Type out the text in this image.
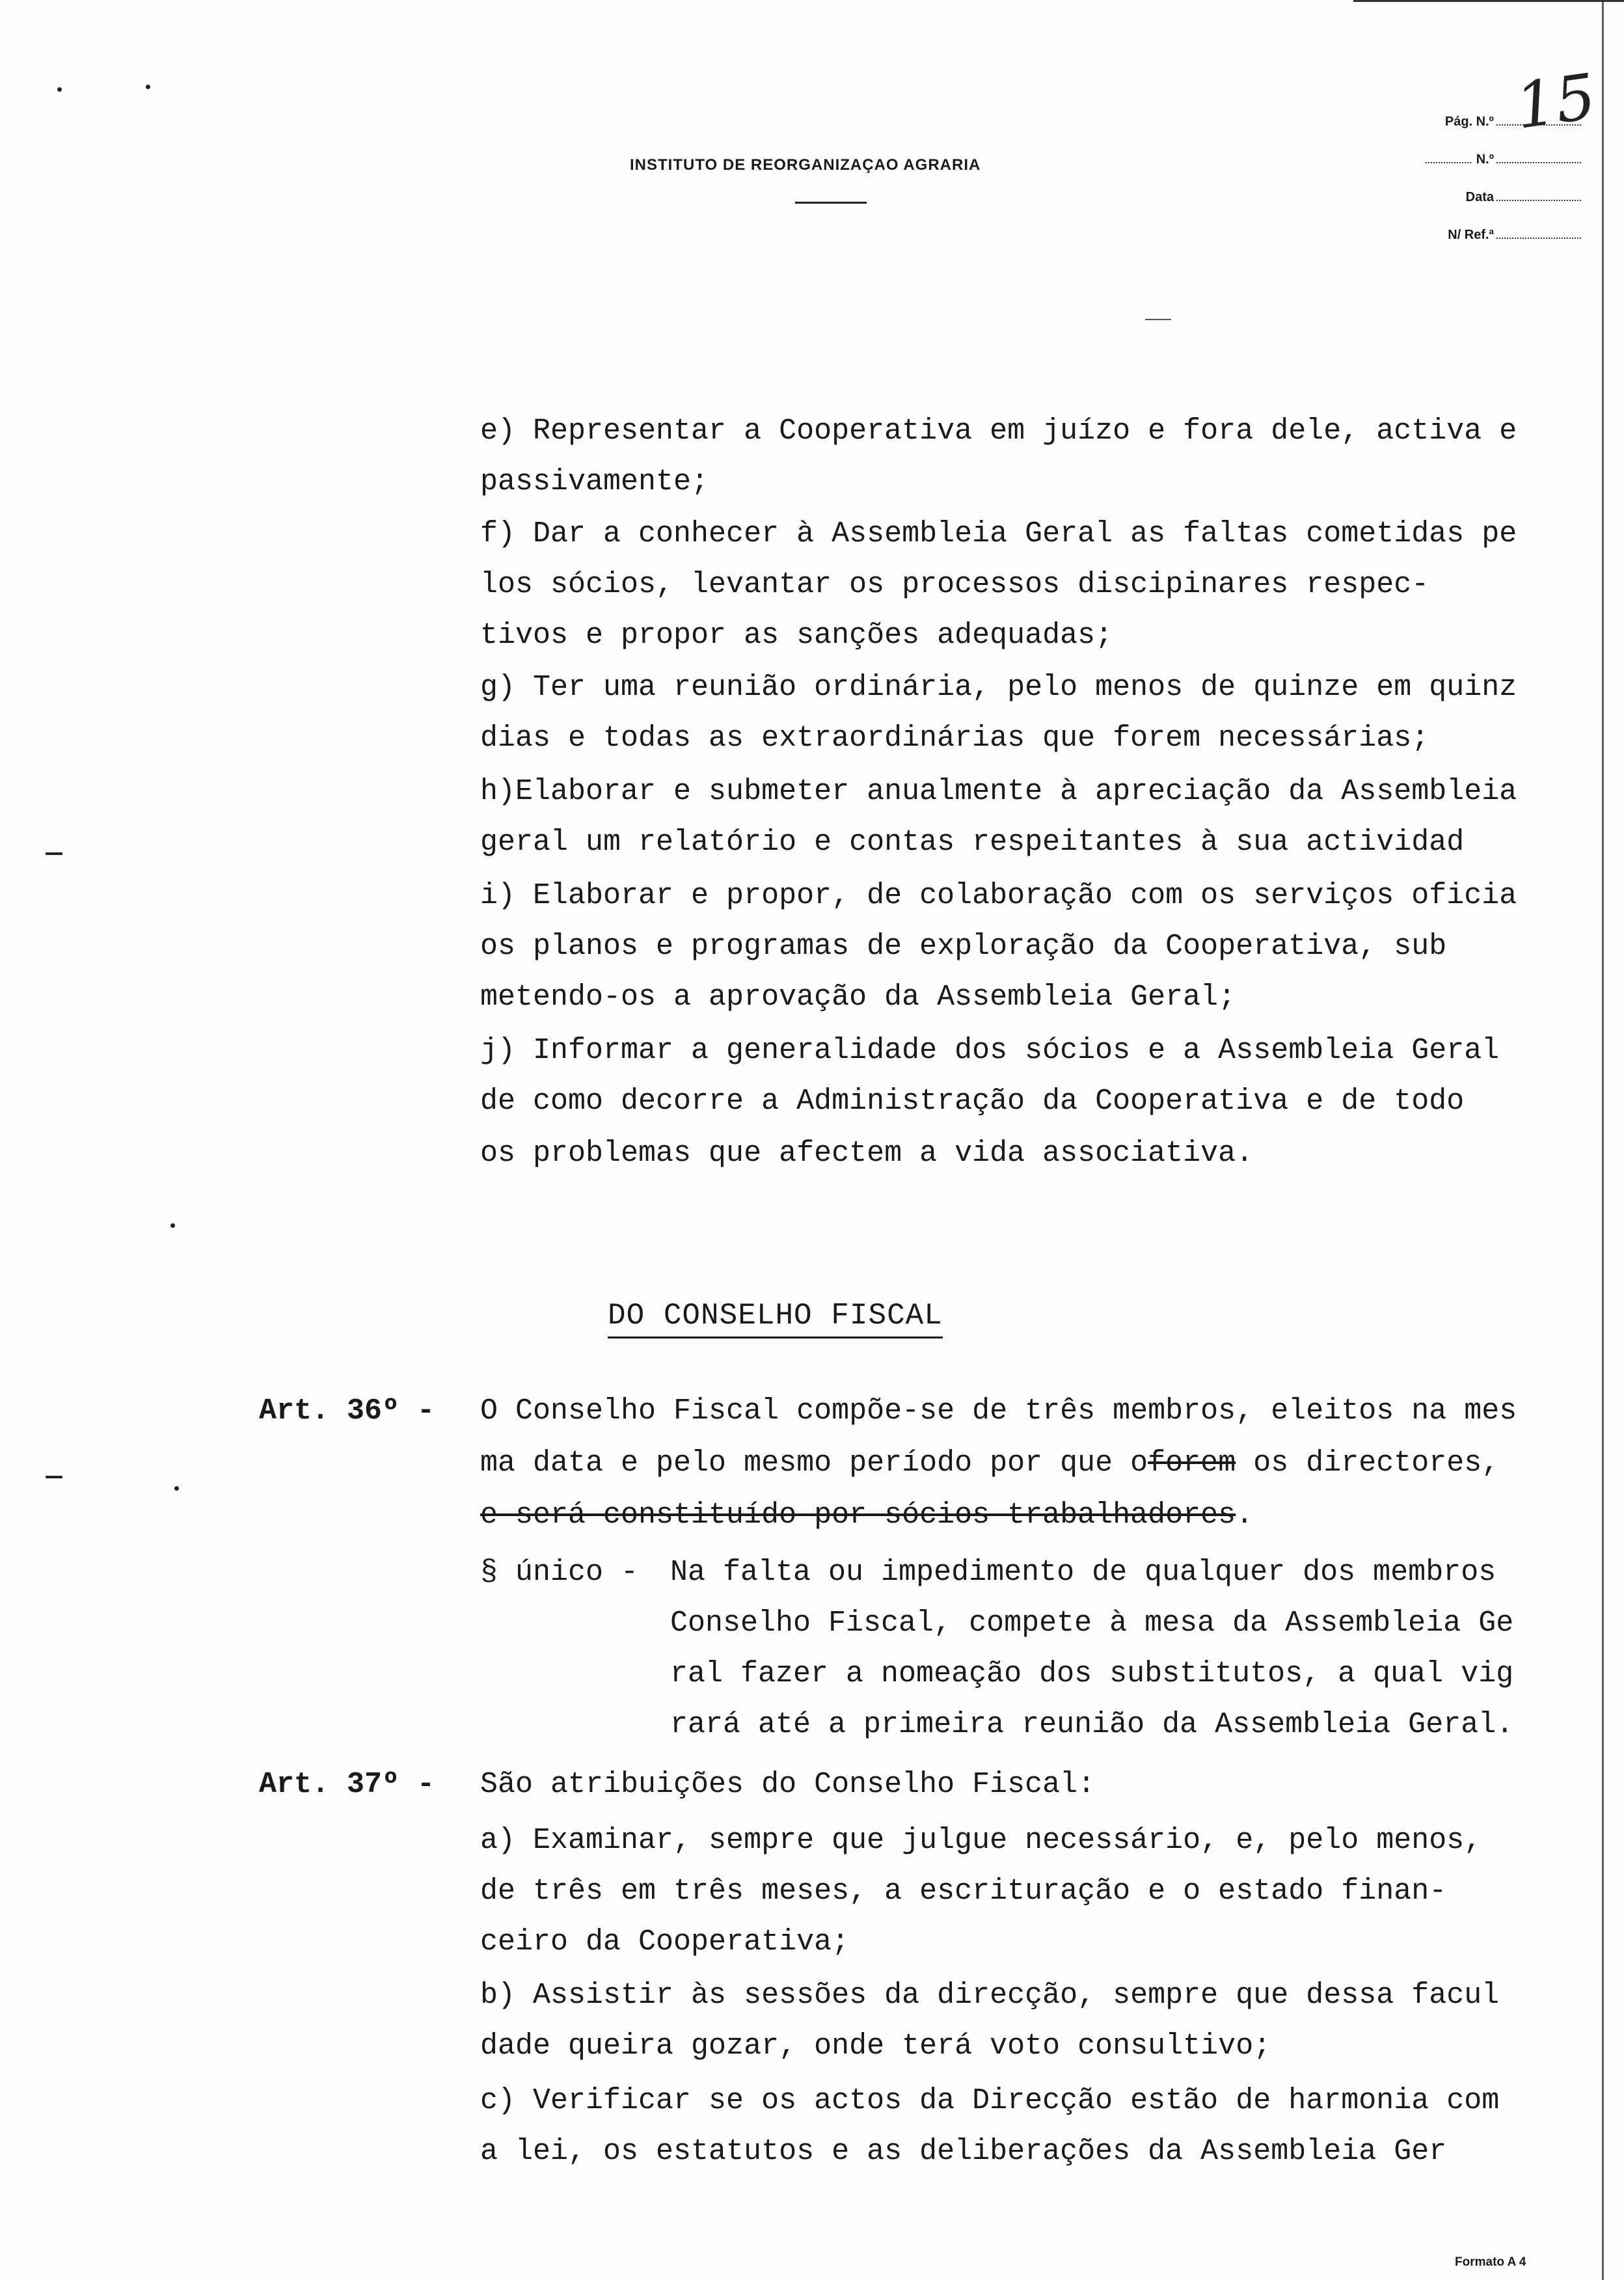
15
INSTITUTO DE REORGANIZAÇAO AGRARIA
Pág. N.º
N.º
Data
N/ Ref.ª
e) Representar a Cooperativa em juízo e fora dele, activa e
passivamente;
f) Dar a conhecer à Assembleia Geral as faltas cometidas pe
los sócios, levantar os processos discipinares respec-
tivos e propor as sanções adequadas;
g) Ter uma reunião ordinária, pelo menos de quinze em quinz
dias e todas as extraordinárias que forem necessárias;
h)Elaborar e submeter anualmente à apreciação da Assembleia
geral um relatório e contas respeitantes à sua actividad
i) Elaborar e propor, de colaboração com os serviços oficia
os planos e programas de exploração da Cooperativa, sub
metendo-os a aprovação da Assembleia Geral;
j) Informar a generalidade dos sócios e a Assembleia Geral
de como decorre a Administração da Cooperativa e de todo
os problemas que afectem a vida associativa.
DO CONSELHO FISCAL
Art. 36º - O Conselho Fiscal compõe-se de três membros, eleitos na mes
ma data e pelo mesmo período por que oforem os directores,
e será constituído por sócios trabalhadores.
§ único - Na falta ou impedimento de qualquer dos membros
Conselho Fiscal, compete à mesa da Assembleia Ge
ral fazer a nomeação dos substitutos, a qual vig
rará até a primeira reunião da Assembleia Geral.
Art. 37º - São atribuições do Conselho Fiscal:
a) Examinar, sempre que julgue necessário, e, pelo menos,
de três em três meses, a escrituração e o estado finan-
ceiro da Cooperativa;
b) Assistir às sessões da direcção, sempre que dessa facul
dade queira gozar, onde terá voto consultivo;
c) Verificar se os actos da Direcção estão de harmonia com
a lei, os estatutos e as deliberações da Assembleia Ger
Formato A 4
